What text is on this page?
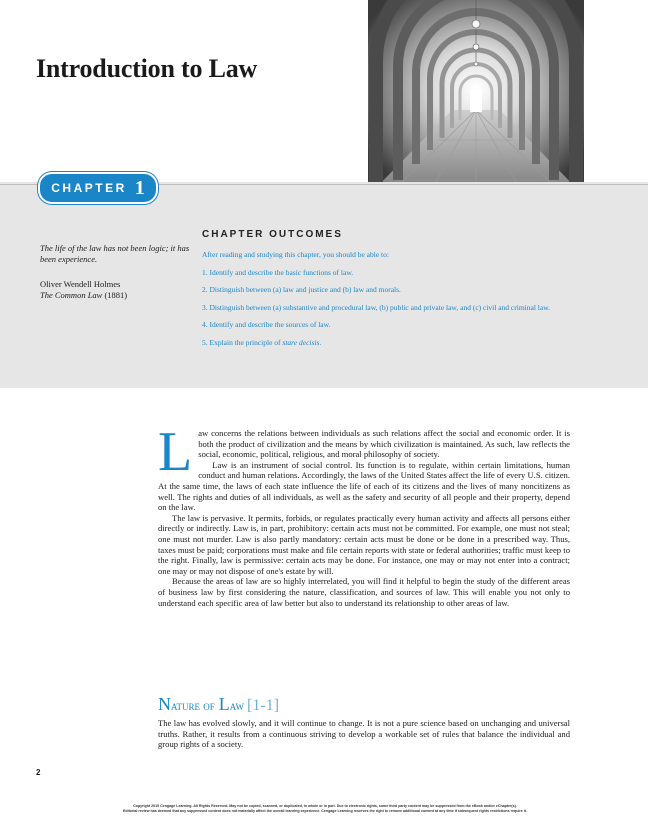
Introduction to Law
CHAPTER 1
The life of the law has not been logic; it has been experience.
Oliver Wendell Holmes
The Common Law (1881)
CHAPTER OUTCOMES
After reading and studying this chapter, you should be able to:
1. Identify and describe the basic functions of law.
2. Distinguish between (a) law and justice and (b) law and morals.
3. Distinguish between (a) substantive and procedural law, (b) public and private law, and (c) civil and criminal law.
4. Identify and describe the sources of law.
5. Explain the principle of stare decisis.

Law concerns the relations between individuals as such relations affect the social and economic order. It is both the product of civilization and the means by which civilization is maintained. As such, law reflects the social, economic, political, religious, and moral philosophy of society.

Law is an instrument of social control. Its function is to regulate, within certain limitations, human conduct and human relations. Accordingly, the laws of the United States affect the life of every U.S. citizen. At the same time, the laws of each state influence the life of each of its citizens and the lives of many noncitizens as well. The rights and duties of all individuals, as well as the safety and security of all people and their property, depend on the law.

The law is pervasive. It permits, forbids, or regulates practically every human activity and affects all persons either directly or indirectly. Law is, in part, prohibitory: certain acts must not be committed. For example, one must not steal; one must not murder. Law is also partly mandatory: certain acts must be done or be done in a prescribed way. Thus, taxes must be paid; corporations must make and file certain reports with state or federal authorities; traffic must keep to the right. Finally, law is permissive: certain acts may be done. For instance, one may or may not enter into a contract; one may or may not dispose of one's estate by will.

Because the areas of law are so highly interrelated, you will find it helpful to begin the study of the different areas of business law by first considering the nature, classification, and sources of law. This will enable you not only to understand each specific area of law better but also to understand its relationship to other areas of law.

Nature of Law [1-1]

The law has evolved slowly, and it will continue to change. It is not a pure science based on unchanging and universal truths. Rather, it results from a continuous striving to develop a workable set of rules that balance the individual and group rights of a society.

2
Copyright 2019 Cengage Learning. All Rights Reserved. May not be copied, scanned, or duplicated, in whole or in part. Due to electronic rights, some third party content may be suppressed from the eBook and/or eChapter(s).
Editorial review has deemed that any suppressed content does not materially affect the overall learning experience. Cengage Learning reserves the right to remove additional content at any time if subsequent rights restrictions require it.
